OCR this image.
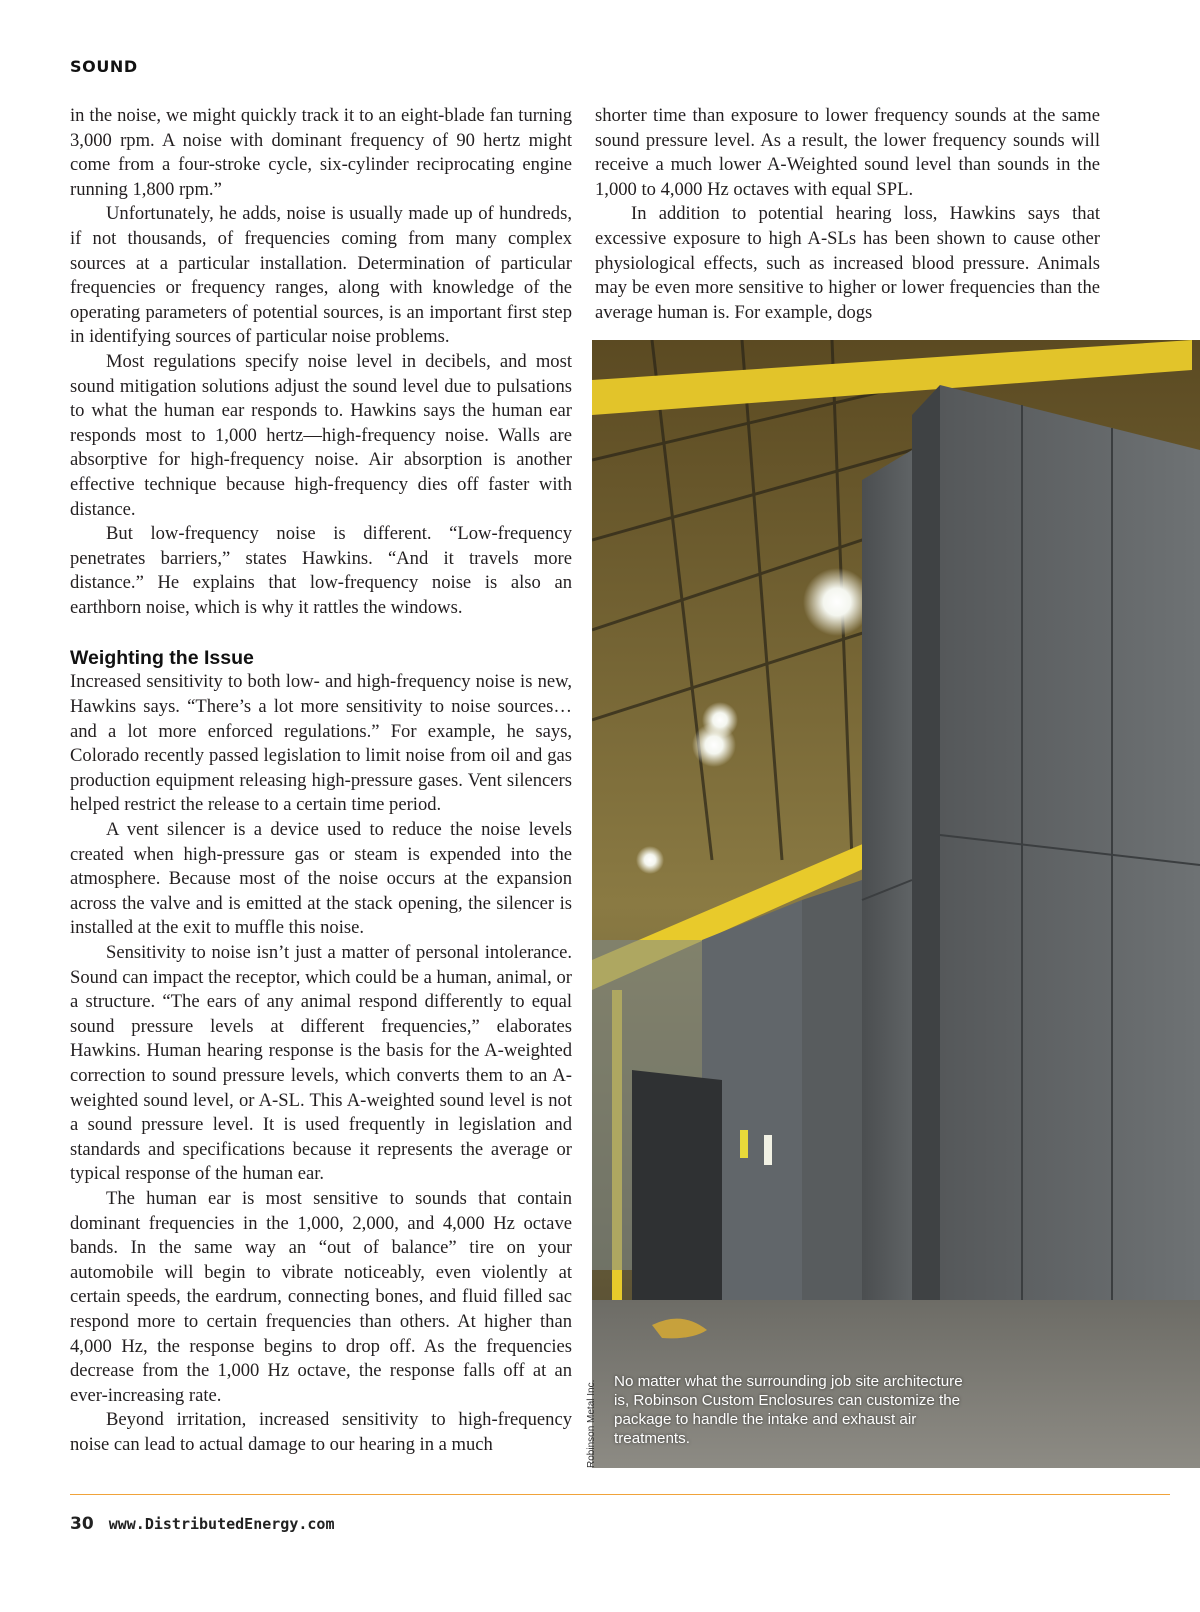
SOUND

in the noise, we might quickly track it to an eight-blade fan turning 3,000 rpm. A noise with dominant frequency of 90 hertz might come from a four-stroke cycle, six-cylinder reciprocating engine running 1,800 rpm.”

Unfortunately, he adds, noise is usually made up of hundreds, if not thousands, of frequencies coming from many complex sources at a particular installation. Determination of particular frequencies or frequency ranges, along with knowledge of the operating parameters of potential sources, is an important first step in identifying sources of particular noise problems.

Most regulations specify noise level in decibels, and most sound mitigation solutions adjust the sound level due to pulsations to what the human ear responds to. Hawkins says the human ear responds most to 1,000 hertz—high-frequency noise. Walls are absorptive for high-frequency noise. Air absorption is another effective technique because high-frequency dies off faster with distance.

But low-frequency noise is different. “Low-frequency penetrates barriers,” states Hawkins. “And it travels more distance.” He explains that low-frequency noise is also an earthborn noise, which is why it rattles the windows.

Weighting the Issue

Increased sensitivity to both low- and high-frequency noise is new, Hawkins says. “There’s a lot more sensitivity to noise sources…and a lot more enforced regulations.” For example, he says, Colorado recently passed legislation to limit noise from oil and gas production equipment releasing high-pressure gases. Vent silencers helped restrict the release to a certain time period.

A vent silencer is a device used to reduce the noise levels created when high-pressure gas or steam is expended into the atmosphere. Because most of the noise occurs at the expansion across the valve and is emitted at the stack opening, the silencer is installed at the exit to muffle this noise.

Sensitivity to noise isn’t just a matter of personal intolerance. Sound can impact the receptor, which could be a human, animal, or a structure. “The ears of any animal respond differently to equal sound pressure levels at different frequencies,” elaborates Hawkins. Human hearing response is the basis for the A-weighted correction to sound pressure levels, which converts them to an A-weighted sound level, or A-SL. This A-weighted sound level is not a sound pressure level. It is used frequently in legislation and standards and specifications because it represents the average or typical response of the human ear.

The human ear is most sensitive to sounds that contain dominant frequencies in the 1,000, 2,000, and 4,000 Hz octave bands. In the same way an “out of balance” tire on your automobile will begin to vibrate noticeably, even violently at certain speeds, the eardrum, connecting bones, and fluid filled sac respond more to certain frequencies than others. At higher than 4,000 Hz, the response begins to drop off. As the frequencies decrease from the 1,000 Hz octave, the response falls off at an ever-increasing rate.

Beyond irritation, increased sensitivity to high-frequency noise can lead to actual damage to our hearing in a much

shorter time than exposure to lower frequency sounds at the same sound pressure level. As a result, the lower frequency sounds will receive a much lower A-Weighted sound level than sounds in the 1,000 to 4,000 Hz octaves with equal SPL.

In addition to potential hearing loss, Hawkins says that excessive exposure to high A-SLs has been shown to cause other physiological effects, such as increased blood pressure. Animals may be even more sensitive to higher or lower frequencies than the average human is. For example, dogs

No matter what the surrounding job site architecture is, Robinson Custom Enclosures can customize the package to handle the intake and exhaust air treatments.
Robinson Metal Inc.
30 www.DistributedEnergy.com
